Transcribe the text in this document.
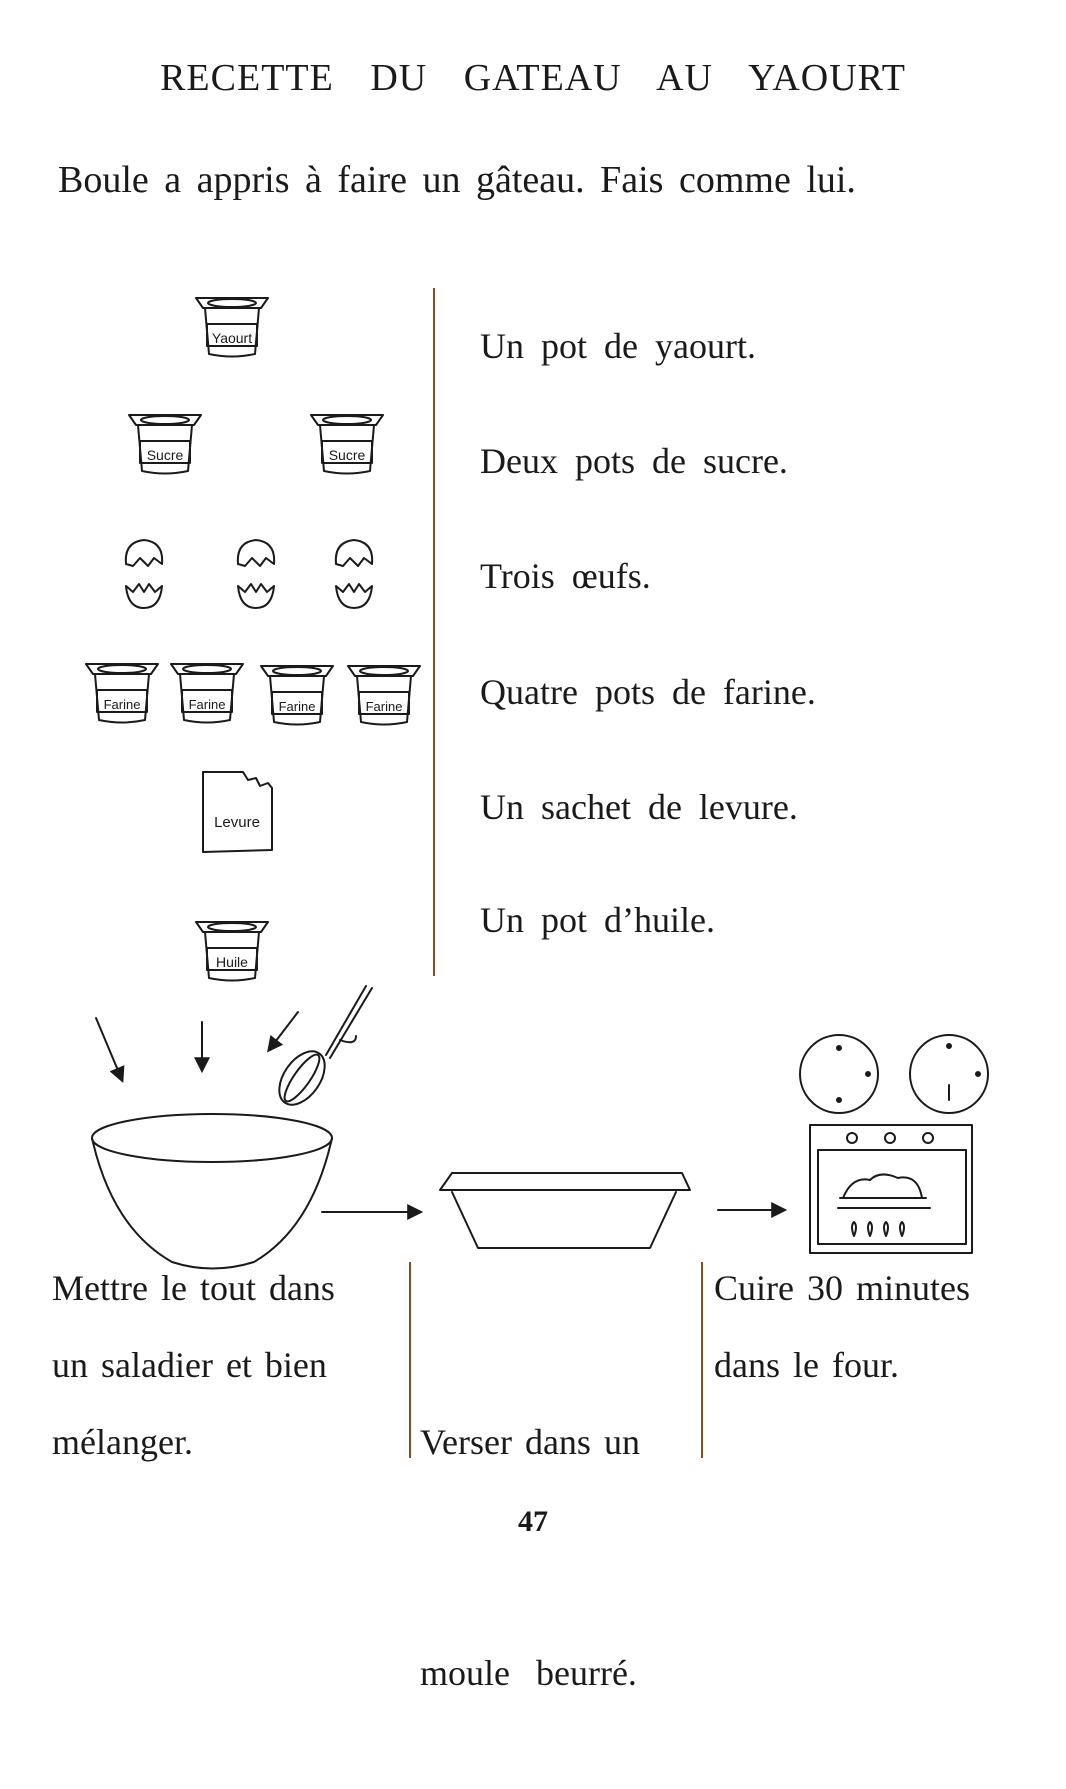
RECETTE DU GATEAU AU YAOURT
Boule a appris à faire un gâteau. Fais comme lui.
Un pot de yaourt.
Deux pots de sucre.
Trois œufs.
Quatre pots de farine.
Un sachet de levure.
Un pot d’huile.
Yaourt
Sucre	Sucre
Farine	Farine	Farine	Farine
Levure
Huile
Mettre le tout dans
un saladier et bien
mélanger.

	Verser dans un

moule  beurré.

Cuire 30 minutes
dans le four.
47
